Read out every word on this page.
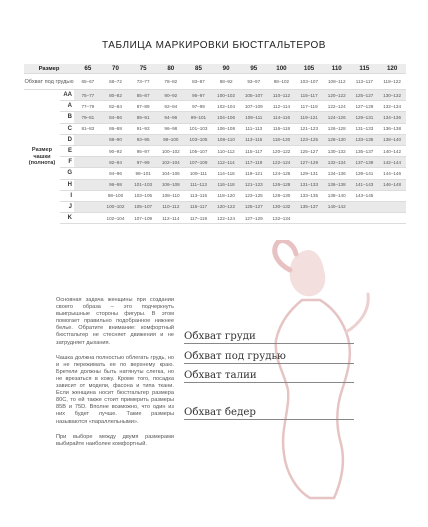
ТАБЛИЦА МАРКИРОВКИ БЮСТГАЛЬТЕРОВ
Размер		65	70	75	80	85	90	95	100	105	110	115	120
Обхват под грудью		65–67	68–72	73–77	78–82	83–87	88–92	93–97	98–102	103–107	108–112	113–117	118–122
Размер чашки (полнота)	AA	75–77	80–82	85–87	90–92	95–97	100–102	105–107	110–112	115–117	120–122	125–127	130–132
	A	77–79	82–84	87–89	92–94	97–99	102–104	107–109	112–114	117–119	122–124	127–129	132–134
	B	79–81	84–86	89–91	94–96	99–101	104–106	109–111	114–116	119–121	124–126	129–131	134–136
	C	81–83	86–88	91–93	96–98	101–103	106–108	111–113	116–118	121–123	126–128	131–133	136–138
	D		88–90	93–95	98–100	103–105	108–110	113–115	118–120	123–125	128–130	133–135	138–140
	E		90–92	95–97	100–102	105–107	110–112	115–117	120–122	125–127	130–132	135–137	140–142
	F		92–94	97–99	102–104	107–109	112–114	117–119	122–124	127–129	132–134	137–139	142–144
	G		94–96	99–101	104–106	109–111	114–116	119–121	124–126	129–131	134–136	139–141	144–146
	H		96–98	101–103	106–108	111–113	116–118	121–123	126–128	131–133	136–138	141–143	146–148
	I		98–100	103–105	108–110	113–115	118–120	123–125	128–130	133–135	138–140	143–145	
	J		100–102	105–107	110–112	115–117	120–122	125–127	130–132	135–137	140–142		
	K		102–104	107–109	112–114	117–119	122–124	127–129	132–134				

Основная задача женщины при создании своего образа – это подчеркнуть выигрышные стороны фигуры. В этом помогает правильно подобранное нижнее белье. Обратите внимание: комфортный бюстгальтер не стесняет движения и не затрудняет дыхания.

Чашка должна полностью облегать грудь, но и не пережимать ее по верхнему краю. Бретели должны быть натянуты слегка, но не врезаться в кожу. Кроме того, посадка зависит от модели, фасона и типа ткани. Если женщина носит бюстгальтер размера 80С, то ей также стоит примерить размеры 85В и 75D. Вполне возможно, что один из них будет лучше. Такие размеры называются «параллельными».

При выборе между двумя размерами выбирайте наиболее комфортный.

Обхват груди
Обхват под грудью
Обхват талии
Обхват бедер
